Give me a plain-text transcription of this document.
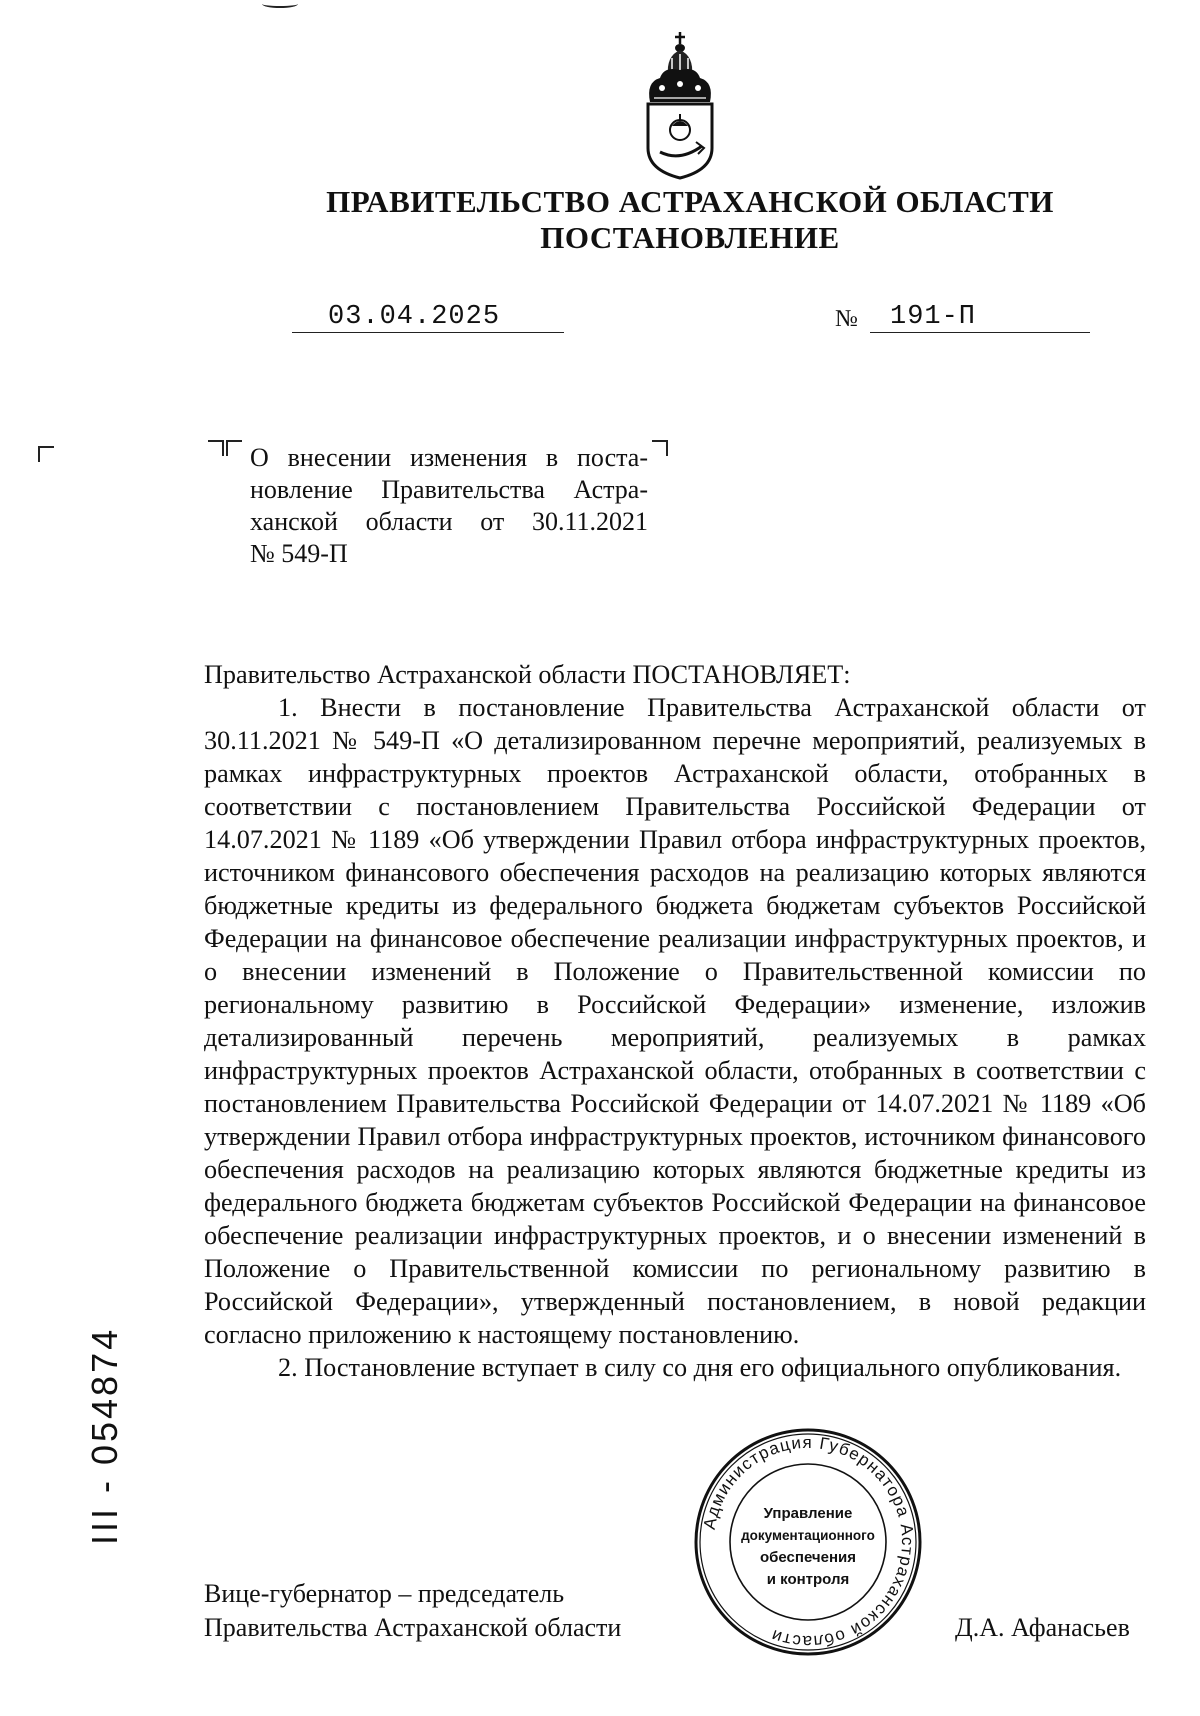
ПРАВИТЕЛЬСТВО АСТРАХАНСКОЙ ОБЛАСТИ
ПОСТАНОВЛЕНИЕ
03.04.2025	№ 191-П
О внесении изменения в поста-
новление Правительства Астра-
ханской области от 30.11.2021
№ 549-П

Правительство Астраханской области ПОСТАНОВЛЯЕТ:

1. Внести в постановление Правительства Астраханской области от 30.11.2021 № 549-П «О детализированном перечне мероприятий, реализуемых в рамках инфраструктурных проектов Астраханской области, отобранных в соответствии с постановлением Правительства Российской Федерации от 14.07.2021 № 1189 «Об утверждении Правил отбора инфраструктурных проектов, источником финансового обеспечения расходов на реализацию которых являются бюджетные кредиты из федерального бюджета бюджетам субъектов Российской Федерации на финансовое обеспечение реализации инфраструктурных проектов, и о внесении изменений в Положение о Правительственной комиссии по региональному развитию в Российской Федерации» изменение, изложив детализированный перечень мероприятий, реализуемых в рамках инфраструктурных проектов Астраханской области, отобранных в соответствии с постановлением Правительства Российской Федерации от 14.07.2021 № 1189 «Об утверждении Правил отбора инфраструктурных проектов, источником финансового обеспечения расходов на реализацию которых являются бюджетные кредиты из федерального бюджета бюджетам субъектов Российской Федерации на финансовое обеспечение реализации инфраструктурных проектов, и о внесении изменений в Положение о Правительственной комиссии по региональному развитию в Российской Федерации», утвержденный постановлением, в новой редакции согласно приложению к настоящему постановлению.

2. Постановление вступает в силу со дня его официального опубликования.

Вице-губернатор – председатель
Правительства Астраханской области
Администрация Губернатора Астраханской области
Управление
документационного
обеспечения
и контроля
Д.А. Афанасьев
III - 054874
